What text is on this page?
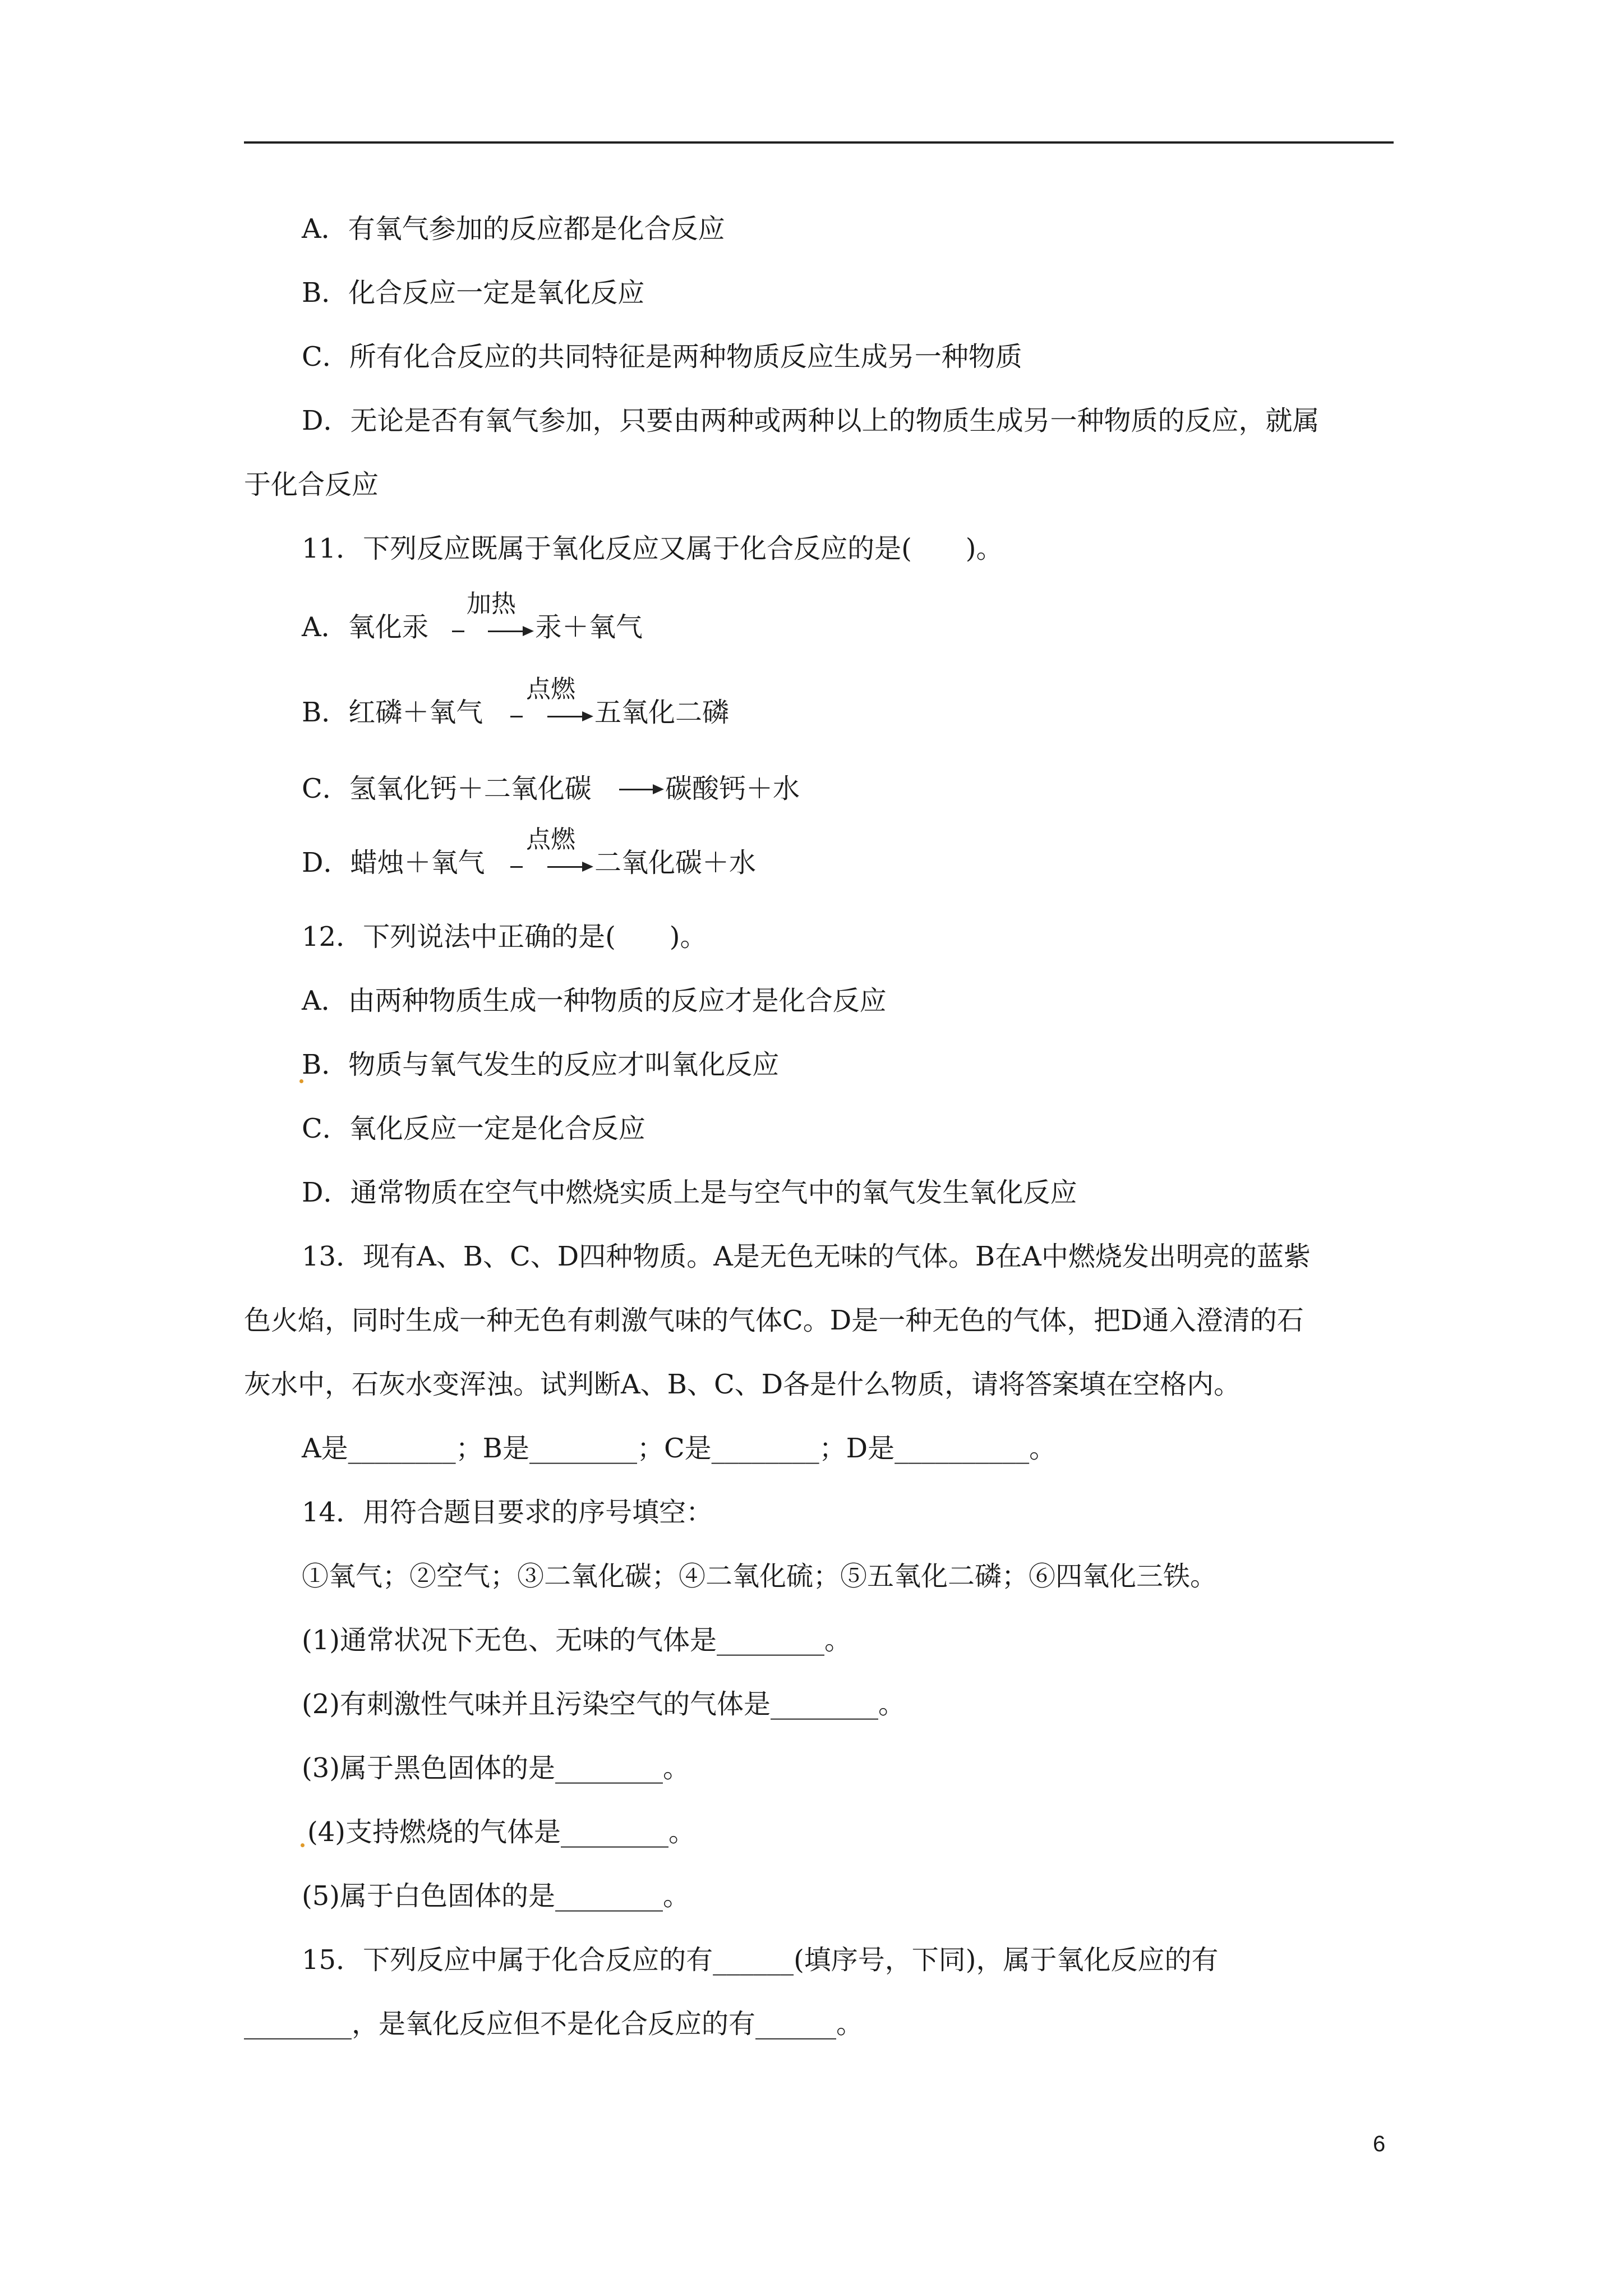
A．有氧气参加的反应都是化合反应
B．化合反应一定是氧化反应
C．所有化合反应的共同特征是两种物质反应生成另一种物质
D．无论是否有氧气参加，只要由两种或两种以上的物质生成另一种物质的反应，就属
于化合反应
11．下列反应既属于氧化反应又属于化合反应的是(　　)。
A．氧化汞
加热
汞＋氧气
B．红磷＋氧气
点燃
五氧化二磷
C．氢氧化钙＋二氧化碳	碳酸钙＋水
D．蜡烛＋氧气
点燃
二氧化碳＋水
12．下列说法中正确的是(　　)。
A．由两种物质生成一种物质的反应才是化合反应
B．物质与氧气发生的反应才叫氧化反应
C．氧化反应一定是化合反应
D．通常物质在空气中燃烧实质上是与空气中的氧气发生氧化反应
13．现有A、B、C、D四种物质。A是无色无味的气体。B在A中燃烧发出明亮的蓝紫
色火焰，同时生成一种无色有刺激气味的气体C。D是一种无色的气体，把D通入澄清的石
灰水中，石灰水变浑浊。试判断A、B、C、D各是什么物质，请将答案填在空格内。
A是________；B是________；C是________；D是__________。
14．用符合题目要求的序号填空：
①氧气；②空气；③二氧化碳；④二氧化硫；⑤五氧化二磷；⑥四氧化三铁。
(1)通常状况下无色、无味的气体是________。
(2)有刺激性气味并且污染空气的气体是________。
(3)属于黑色固体的是________。
(4)支持燃烧的气体是________。
(5)属于白色固体的是________。
15．下列反应中属于化合反应的有______(填序号，下同)，属于氧化反应的有
________，是氧化反应但不是化合反应的有______。
6
